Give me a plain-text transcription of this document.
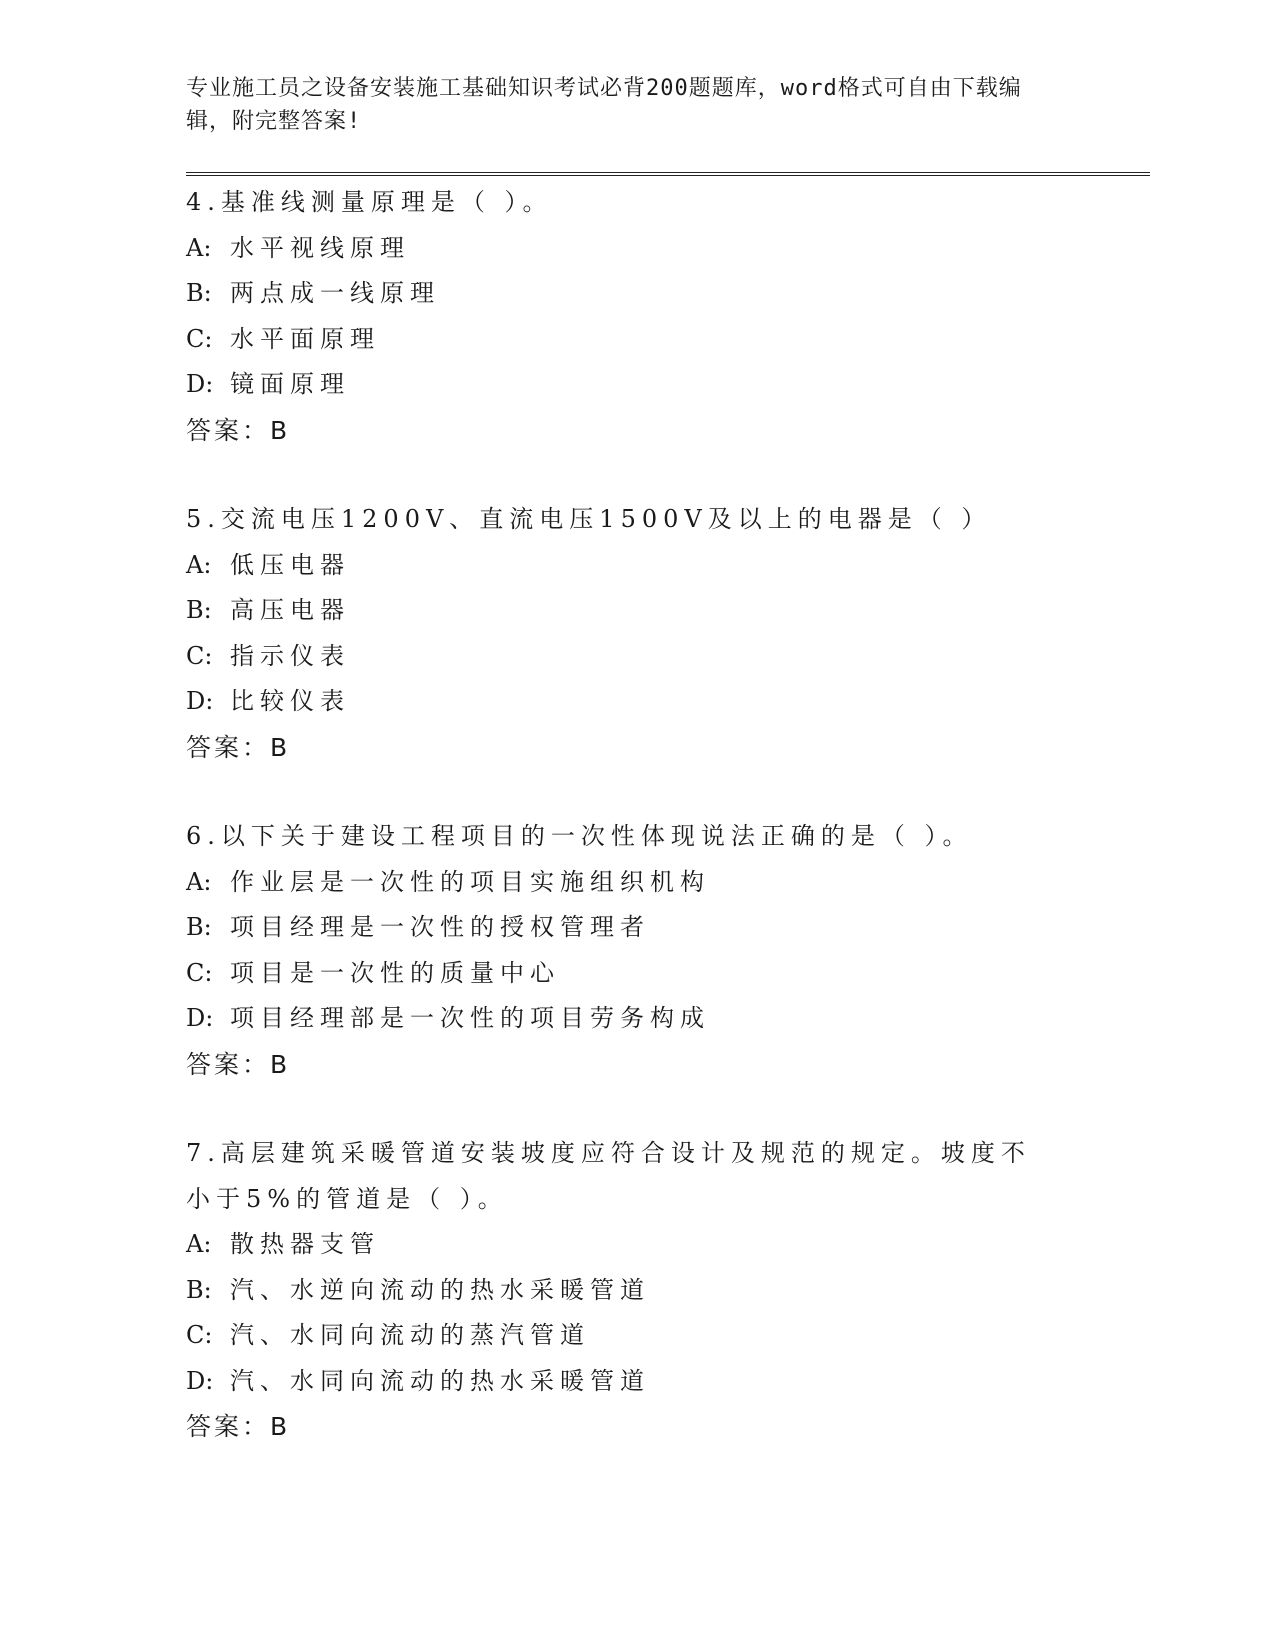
专业施工员之设备安装施工基础知识考试必背200题题库，word格式可自由下载编辑，附完整答案!

4.基准线测量原理是（ ）。

A: 水平视线原理

B: 两点成一线原理

C: 水平面原理

D: 镜面原理

答案：B

5.交流电压1200V、直流电压1500V及以上的电器是（ ）

A: 低压电器

B: 高压电器

C: 指示仪表

D: 比较仪表

答案：B

6.以下关于建设工程项目的一次性体现说法正确的是（ ）。

A: 作业层是一次性的项目实施组织机构

B: 项目经理是一次性的授权管理者

C: 项目是一次性的质量中心

D: 项目经理部是一次性的项目劳务构成

答案：B

7.高层建筑采暖管道安装坡度应符合设计及规范的规定。坡度不小于5%的管道是（ ）。

A: 散热器支管

B: 汽、水逆向流动的热水采暖管道

C: 汽、水同向流动的蒸汽管道

D: 汽、水同向流动的热水采暖管道

答案：B
